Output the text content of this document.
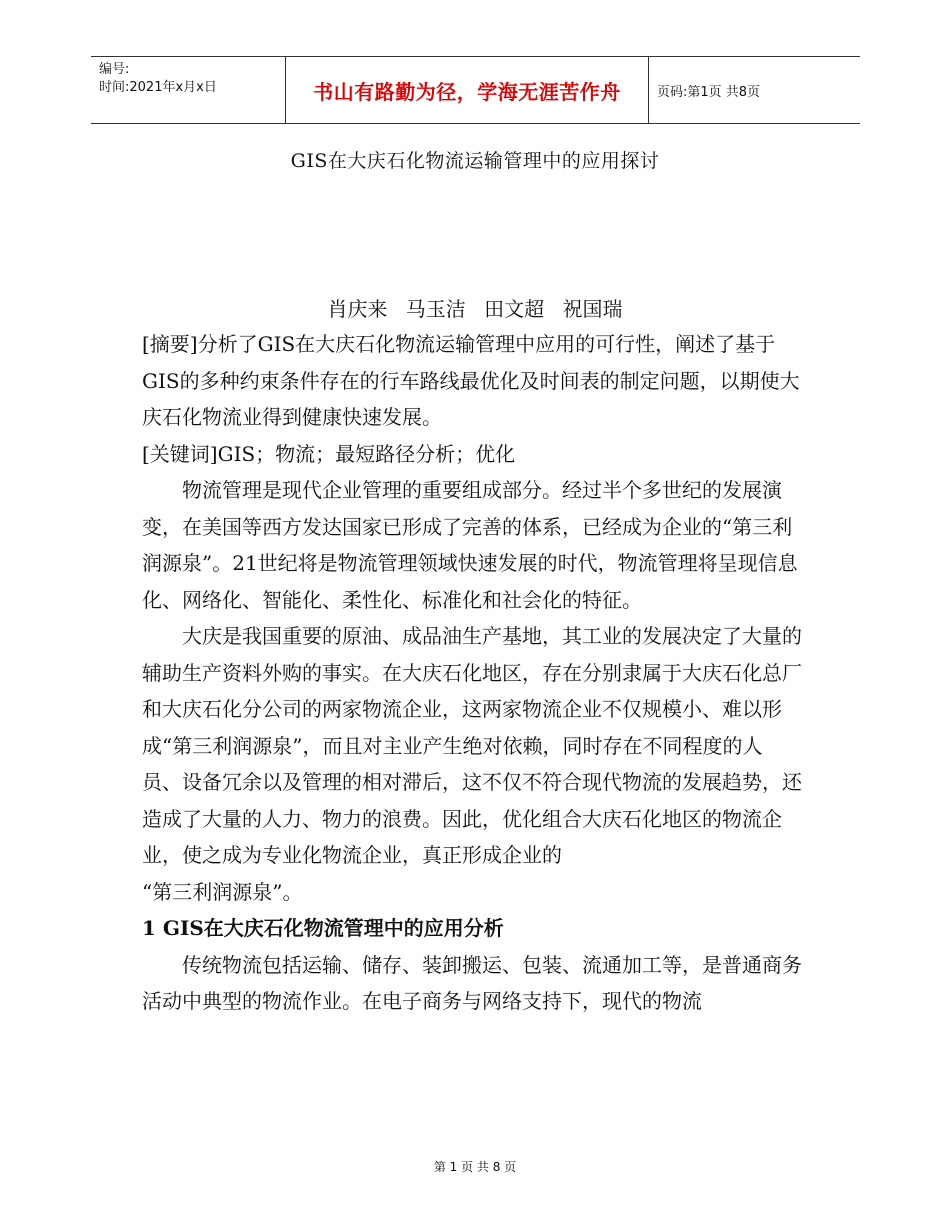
编号:
时间:2021年x月x日	书山有路勤为径，学海无涯苦作舟	页码:第1页 共8页
GIS在大庆石化物流运输管理中的应用探讨
肖庆来 马玉洁 田文超 祝国瑞

[摘要]分析了GIS在大庆石化物流运输管理中应用的可行性，阐述了基于GIS的多种约束条件存在的行车路线最优化及时间表的制定问题，以期使大庆石化物流业得到健康快速发展。

[关键词]GIS；物流；最短路径分析；优化

物流管理是现代企业管理的重要组成部分。经过半个多世纪的发展演变，在美国等西方发达国家已形成了完善的体系，已经成为企业的“第三利润源泉”。21世纪将是物流管理领域快速发展的时代，物流管理将呈现信息化、网络化、智能化、柔性化、标准化和社会化的特征。

大庆是我国重要的原油、成品油生产基地，其工业的发展决定了大量的辅助生产资料外购的事实。在大庆石化地区，存在分别隶属于大庆石化总厂和大庆石化分公司的两家物流企业，这两家物流企业不仅规模小、难以形成“第三利润源泉”，而且对主业产生绝对依赖，同时存在不同程度的人员、设备冗余以及管理的相对滞后，这不仅不符合现代物流的发展趋势，还造成了大量的人力、物力的浪费。因此，优化组合大庆石化地区的物流企业，使之成为专业化物流企业，真正形成企业的

“第三利润源泉”。

1 GIS在大庆石化物流管理中的应用分析

传统物流包括运输、储存、装卸搬运、包装、流通加工等，是普通商务活动中典型的物流作业。在电子商务与网络支持下，现代的物流

第 1 页 共 8 页
